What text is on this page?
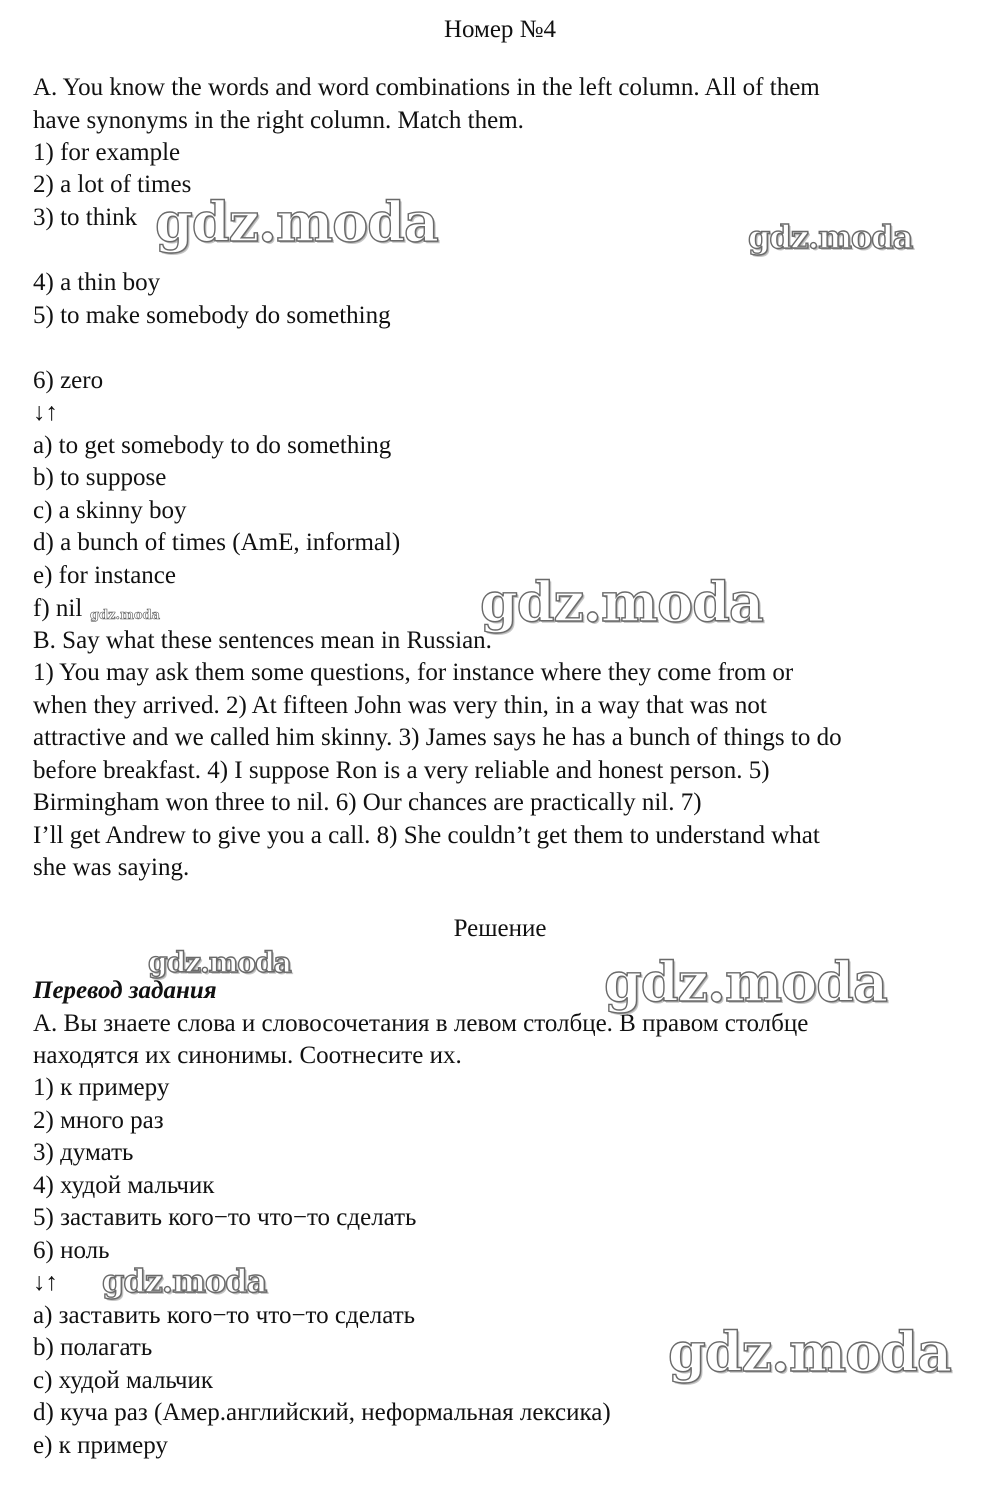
Номер №4

A. You know the words and word combinations in the left column. All of them

have synonyms in the right column. Match them.

1) for example

2) a lot of times

3) to think

4) a thin boy

5) to make somebody do something

6) zero

↓↑

a) to get somebody to do something

b) to suppose

c) a skinny boy

d) a bunch of times (AmE, informal)

e) for instance

f) nil

B. Say what these sentences mean in Russian.

1) You may ask them some questions, for instance where they come from or

when they arrived. 2) At fifteen John was very thin, in a way that was not

attractive and we called him skinny. 3) James says he has a bunch of things to do

before breakfast. 4) I suppose Ron is a very reliable and honest person. 5)

Birmingham won three to nil. 6) Our chances are practically nil. 7)

I’ll get Andrew to give you a call. 8) She couldn’t get them to understand what

she was saying.

Решение

Перевод задания

A. Вы знаете слова и словосочетания в левом столбце. В правом столбце

находятся их синонимы. Соотнесите их.

1) к примеру

2) много раз

3) думать

4) худой мальчик

5) заставить кого−то что−то сделать

6) ноль

↓↑

a) заставить кого−то что−то сделать

b) полагать

c) худой мальчик

d) куча раз (Амер.английский, неформальная лексика)

e) к примеру

gdz.moda	gdz.moda
gdz.moda
gdz.moda
gdz.moda	gdz.moda
gdz.moda
gdz.moda
